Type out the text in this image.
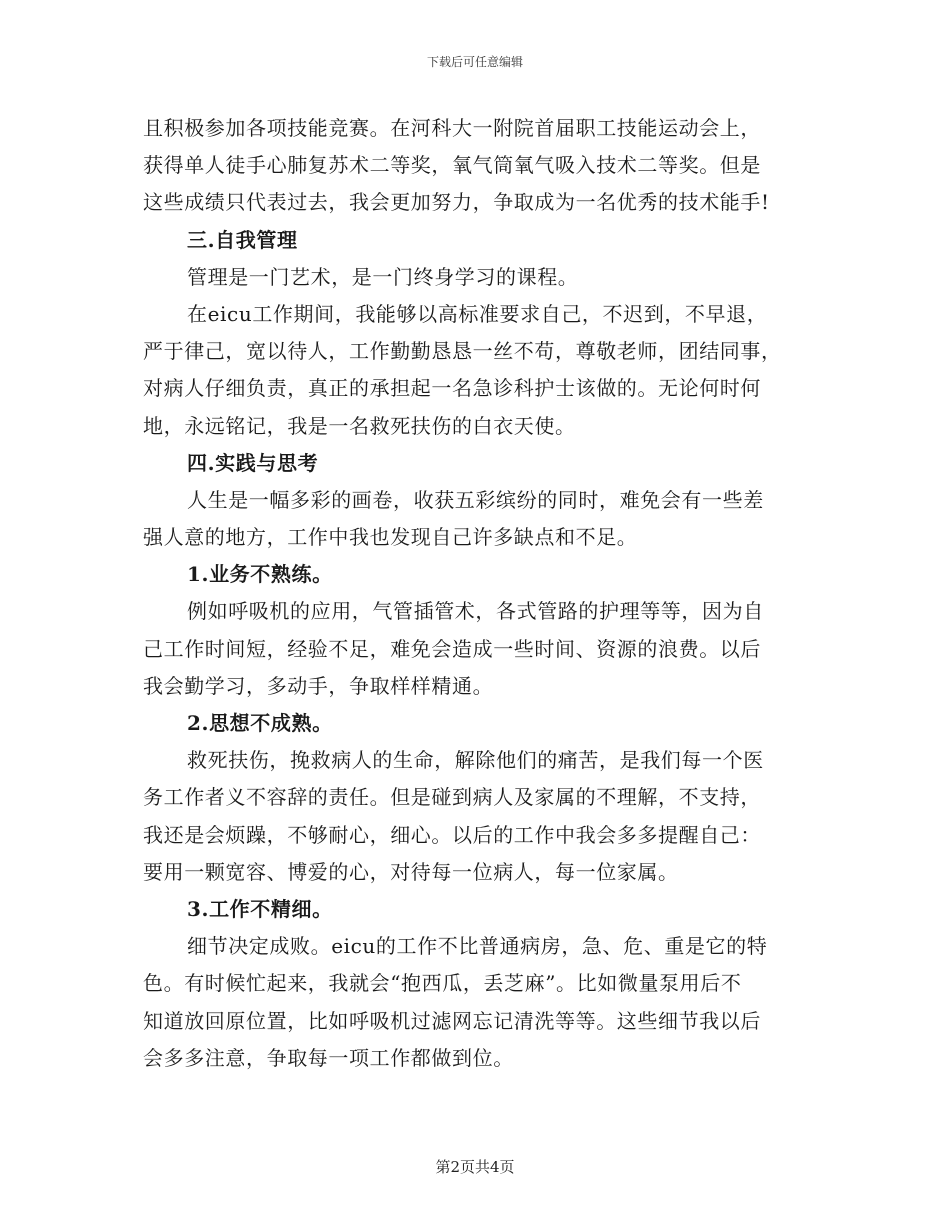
下载后可任意编辑
且积极参加各项技能竞赛。在河科大一附院首届职工技能运动会上，
获得单人徒手心肺复苏术二等奖，氧气筒氧气吸入技术二等奖。但是
这些成绩只代表过去，我会更加努力，争取成为一名优秀的技术能手!
三.自我管理
管理是一门艺术，是一门终身学习的课程。
在eicu工作期间，我能够以高标准要求自己，不迟到，不早退，
严于律己，宽以待人，工作勤勤恳恳一丝不苟，尊敬老师，团结同事，
对病人仔细负责，真正的承担起一名急诊科护士该做的。无论何时何
地，永远铭记，我是一名救死扶伤的白衣天使。
四.实践与思考
人生是一幅多彩的画卷，收获五彩缤纷的同时，难免会有一些差
强人意的地方，工作中我也发现自己许多缺点和不足。
1.业务不熟练。
例如呼吸机的应用，气管插管术，各式管路的护理等等，因为自
己工作时间短，经验不足，难免会造成一些时间、资源的浪费。以后
我会勤学习，多动手，争取样样精通。
2.思想不成熟。
救死扶伤，挽救病人的生命，解除他们的痛苦，是我们每一个医
务工作者义不容辞的责任。但是碰到病人及家属的不理解，不支持，
我还是会烦躁，不够耐心，细心。以后的工作中我会多多提醒自己：
要用一颗宽容、博爱的心，对待每一位病人，每一位家属。
3.工作不精细。
细节决定成败。eicu的工作不比普通病房，急、危、重是它的特
色。有时候忙起来，我就会“抱西瓜，丢芝麻”。比如微量泵用后不
知道放回原位置，比如呼吸机过滤网忘记清洗等等。这些细节我以后
会多多注意，争取每一项工作都做到位。
第2页共4页
